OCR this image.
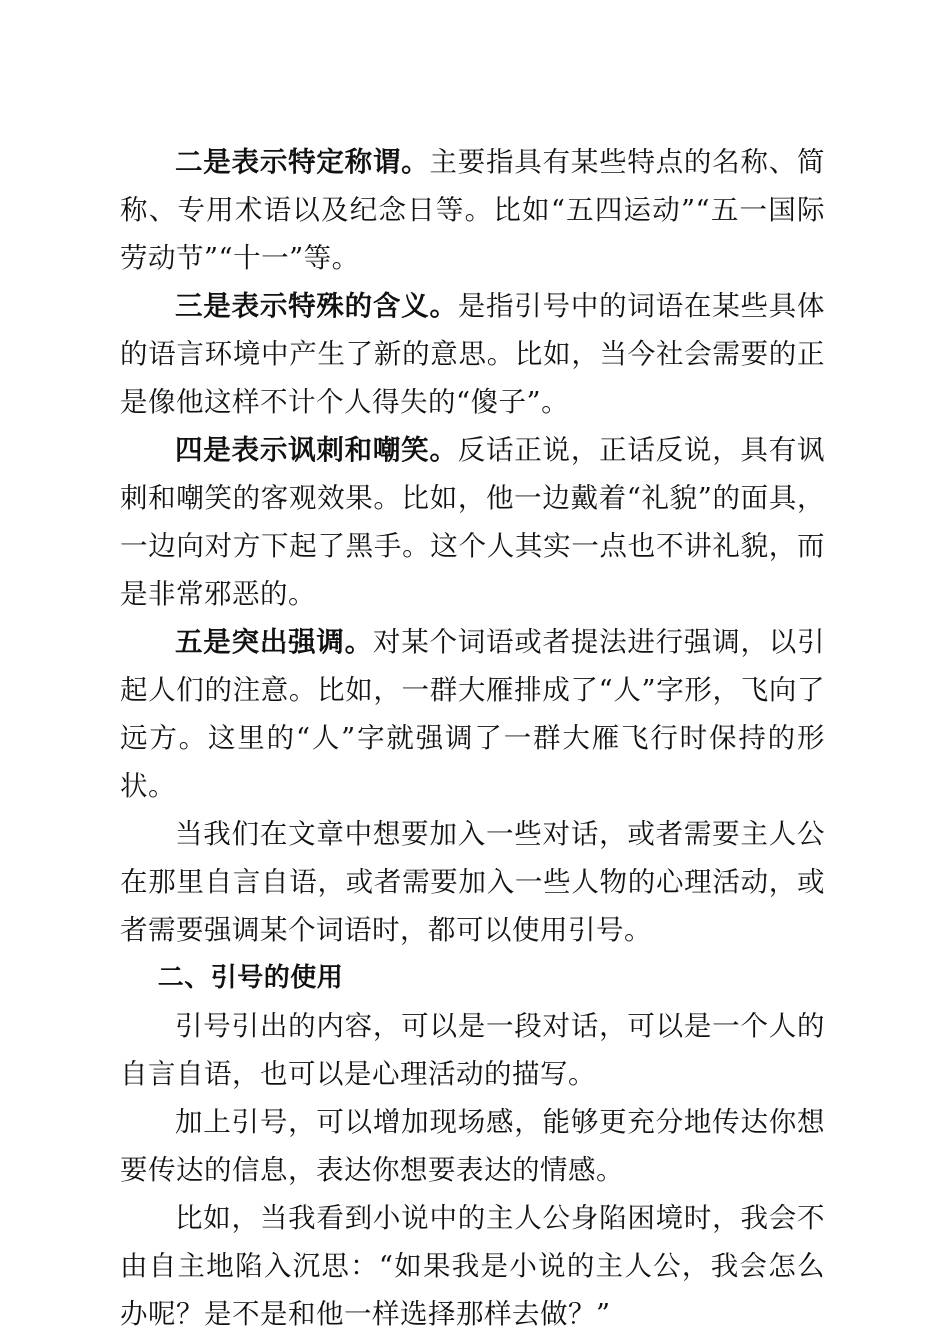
二是表示特定称谓。主要指具有某些特点的名称、简称、专用术语以及纪念日等。比如“五四运动”“五一国际劳动节”“十一”等。

三是表示特殊的含义。是指引号中的词语在某些具体的语言环境中产生了新的意思。比如，当今社会需要的正是像他这样不计个人得失的“傻子”。

四是表示讽刺和嘲笑。反话正说，正话反说，具有讽刺和嘲笑的客观效果。比如，他一边戴着“礼貌”的面具，一边向对方下起了黑手。这个人其实一点也不讲礼貌，而是非常邪恶的。

五是突出强调。对某个词语或者提法进行强调，以引起人们的注意。比如，一群大雁排成了“人”字形，飞向了远方。这里的“人”字就强调了一群大雁飞行时保持的形状。

当我们在文章中想要加入一些对话，或者需要主人公在那里自言自语，或者需要加入一些人物的心理活动，或者需要强调某个词语时，都可以使用引号。

二、引号的使用

引号引出的内容，可以是一段对话，可以是一个人的自言自语，也可以是心理活动的描写。

加上引号，可以增加现场感，能够更充分地传达你想要传达的信息，表达你想要表达的情感。

比如，当我看到小说中的主人公身陷困境时，我会不由自主地陷入沉思：“如果我是小说的主人公，我会怎么办呢？是不是和他一样选择那样去做？”
